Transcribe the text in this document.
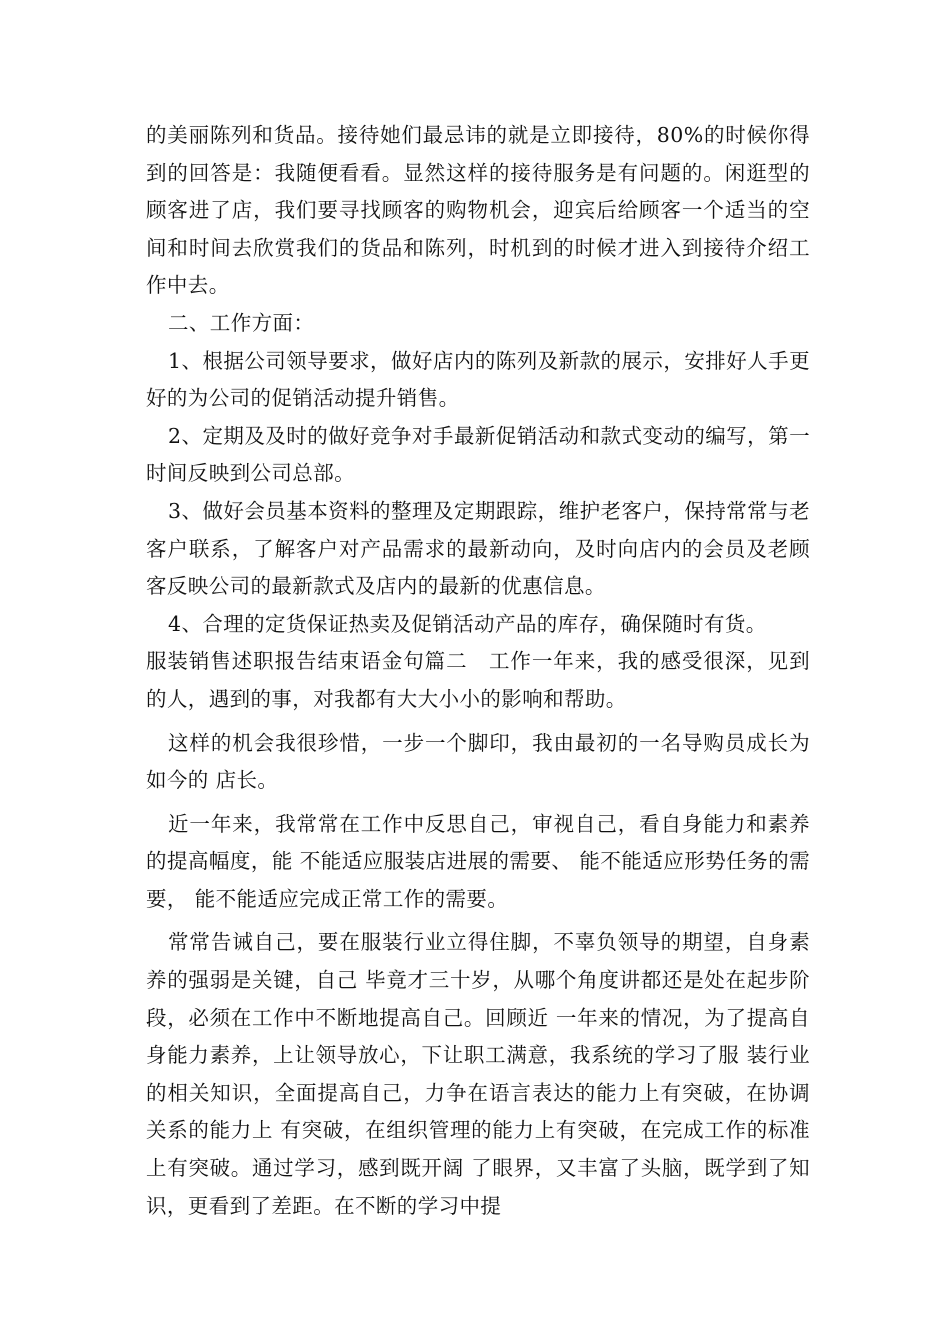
的美丽陈列和货品。接待她们最忌讳的就是立即接待，80%的时候你得到的回答是：我随便看看。显然这样的接待服务是有问题的。闲逛型的顾客进了店，我们要寻找顾客的购物机会，迎宾后给顾客一个适当的空间和时间去欣赏我们的货品和陈列，时机到的时候才进入到接待介绍工作中去。

二、工作方面：

1、根据公司领导要求，做好店内的陈列及新款的展示，安排好人手更好的为公司的促销活动提升销售。

2、定期及及时的做好竞争对手最新促销活动和款式变动的编写，第一时间反映到公司总部。

3、做好会员基本资料的整理及定期跟踪，维护老客户，保持常常与老客户联系，了解客户对产品需求的最新动向，及时向店内的会员及老顾客反映公司的最新款式及店内的最新的优惠信息。

4、合理的定货保证热卖及促销活动产品的库存，确保随时有货。

服装销售述职报告结束语金句篇二　工作一年来，我的感受很深，见到的人，遇到的事，对我都有大大小小的影响和帮助。

这样的机会我很珍惜，一步一个脚印，我由最初的一名导购员成长为如今的 店长。

近一年来，我常常在工作中反思自己，审视自己，看自身能力和素养的提高幅度，能 不能适应服装店进展的需要、 能不能适应形势任务的需要， 能不能适应完成正常工作的需要。

常常告诫自己，要在服装行业立得住脚，不辜负领导的期望，自身素养的强弱是关键，自己 毕竟才三十岁，从哪个角度讲都还是处在起步阶段，必须在工作中不断地提高自己。回顾近 一年来的情况，为了提高自身能力素养，上让领导放心，下让职工满意，我系统的学习了服 装行业的相关知识，全面提高自己，力争在语言表达的能力上有突破，在协调关系的能力上 有突破，在组织管理的能力上有突破，在完成工作的标准上有突破。通过学习，感到既开阔 了眼界，又丰富了头脑，既学到了知识，更看到了差距。在不断的学习中提
